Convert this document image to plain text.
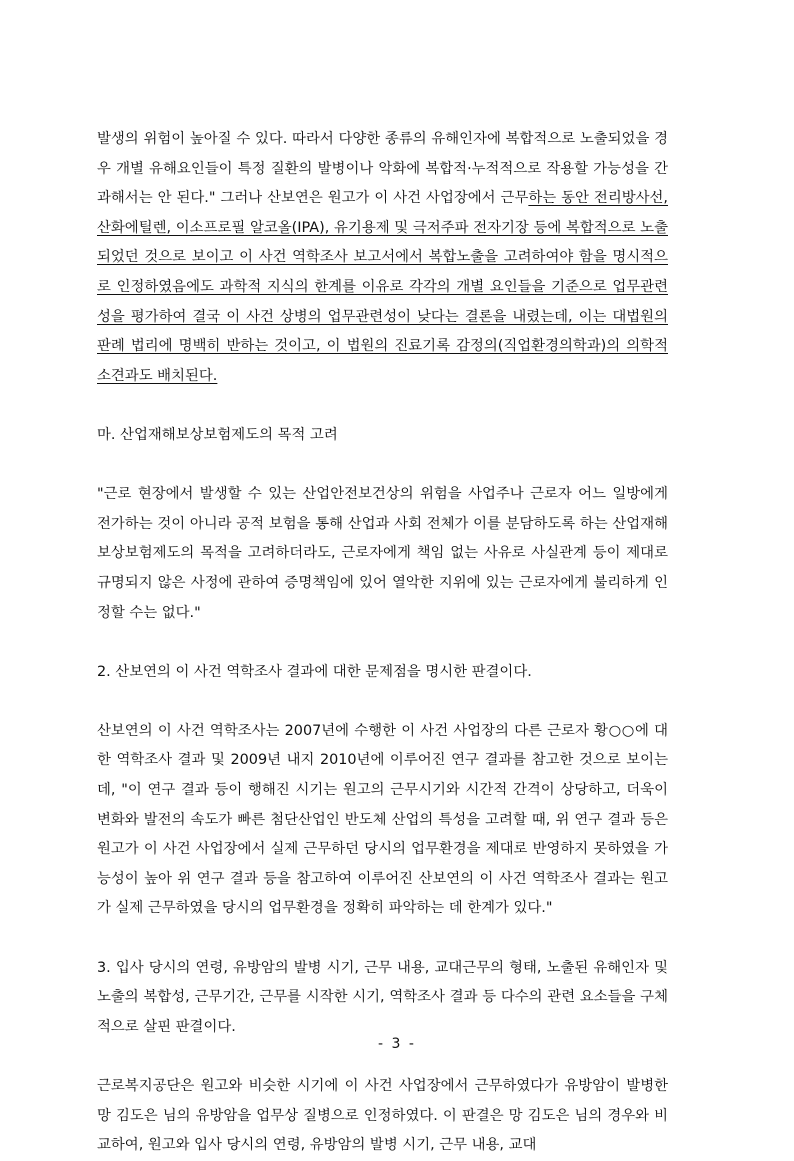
발생의 위험이 높아질 수 있다. 따라서 다양한 종류의 유해인자에 복합적으로 노출되었을 경우 개별 유해요인들이 특정 질환의 발병이나 악화에 복합적·누적적으로 작용할 가능성을 간과해서는 안 된다." 그러나 산보연은 원고가 이 사건 사업장에서 근무하는 동안 전리방사선, 산화에틸렌, 이소프로필 알코올(IPA), 유기용제 및 극저주파 전자기장 등에 복합적으로 노출되었던 것으로 보이고 이 사건 역학조사 보고서에서 복합노출을 고려하여야 함을 명시적으로 인정하였음에도 과학적 지식의 한계를 이유로 각각의 개별 요인들을 기준으로 업무관련성을 평가하여 결국 이 사건 상병의 업무관련성이 낮다는 결론을 내렸는데, 이는 대법원의 판례 법리에 명백히 반하는 것이고, 이 법원의 진료기록 감정의(직업환경의학과)의 의학적 소견과도 배치된다.

마. 산업재해보상보험제도의 목적 고려

"근로 현장에서 발생할 수 있는 산업안전보건상의 위험을 사업주나 근로자 어느 일방에게 전가하는 것이 아니라 공적 보험을 통해 산업과 사회 전체가 이를 분담하도록 하는 산업재해보상보험제도의 목적을 고려하더라도, 근로자에게 책임 없는 사유로 사실관계 등이 제대로 규명되지 않은 사정에 관하여 증명책임에 있어 열악한 지위에 있는 근로자에게 불리하게 인정할 수는 없다."

2. 산보연의 이 사건 역학조사 결과에 대한 문제점을 명시한 판결이다.

산보연의 이 사건 역학조사는 2007년에 수행한 이 사건 사업장의 다른 근로자 황○○에 대한 역학조사 결과 및 2009년 내지 2010년에 이루어진 연구 결과를 참고한 것으로 보이는데, "이 연구 결과 등이 행해진 시기는 원고의 근무시기와 시간적 간격이 상당하고, 더욱이 변화와 발전의 속도가 빠른 첨단산업인 반도체 산업의 특성을 고려할 때, 위 연구 결과 등은 원고가 이 사건 사업장에서 실제 근무하던 당시의 업무환경을 제대로 반영하지 못하였을 가능성이 높아 위 연구 결과 등을 참고하여 이루어진 산보연의 이 사건 역학조사 결과는 원고가 실제 근무하였을 당시의 업무환경을 정확히 파악하는 데 한계가 있다."

3. 입사 당시의 연령, 유방암의 발병 시기, 근무 내용, 교대근무의 형태, 노출된 유해인자 및 노출의 복합성, 근무기간, 근무를 시작한 시기, 역학조사 결과 등 다수의 관련 요소들을 구체적으로 살핀 판결이다.

근로복지공단은 원고와 비슷한 시기에 이 사건 사업장에서 근무하였다가 유방암이 발병한 망 김도은 님의 유방암을 업무상 질병으로 인정하였다. 이 판결은 망 김도은 님의 경우와 비교하여, 원고와 입사 당시의 연령, 유방암의 발병 시기, 근무 내용, 교대

- 3 -
